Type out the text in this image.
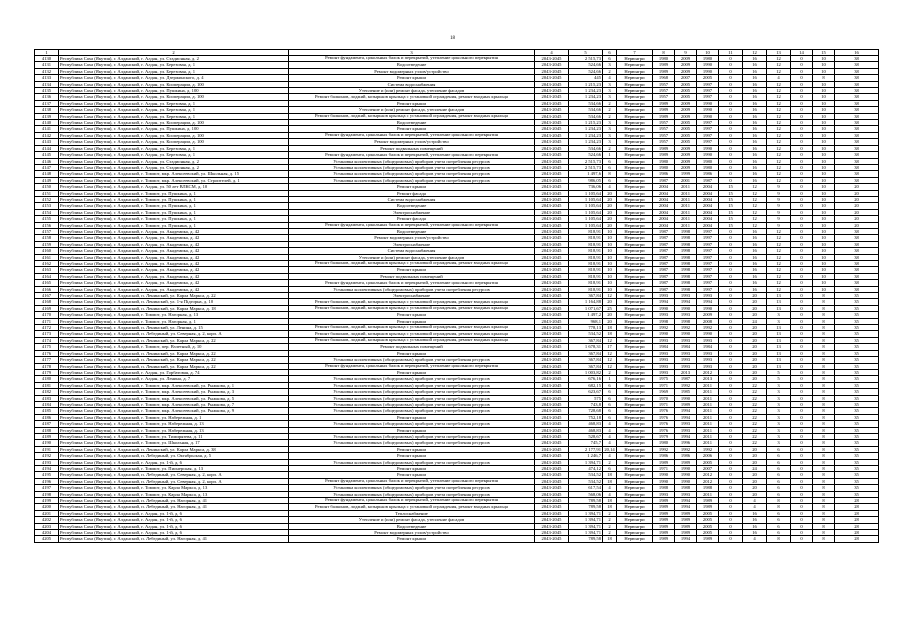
18
1	2	3	4	5	6	7	8	9	10	11	12	13	14	15	16
4130	Республика Саха (Якутия), г. Алданский, г. Алдан, ул. Стадионная, д. 2	Ремонт фундамента, цокольных балок и перекрытий, утепление цокольного перекрытия	2043-2045	2 515,73	6	Нерюнгри	1980	2009	1980	0	16	12	0	10	38
4131	Республика Саха (Якутия), г. Алданский, г. Алдан, ул. Березовая, д. 1	Водоотведение	2043-2045	524,66	3	Нерюнгри	1989	2009	1990	0	16	12	0	10	38
4132	Республика Саха (Якутия), г. Алданский, г. Алдан, ул. Березовая, д. 1	Ремонт водомерных узлов/устройство	2043-2045	524,66	2	Нерюнгри	1989	2009	1990	0	16	12	0	10	38
4133	Республика Саха (Якутия), г. Алданский, г. Алдан, ул. Дзержинского, д. 4	Ремонт крыши	2043-2045	445	4	Нерюнгри	1968	2007	2005	0	16	4	0	8	38
4134	Республика Саха (Якутия), г. Алданский, г. Алдан, ул. Кооперации, д. 100	Система водоснабжения	2043-2045	1 215,23	3	Нерюнгри	1957	2005	1997	0	16	12	0	10	38
4135	Республика Саха (Якутия), г. Алданский, г. Алдан, ул. Пушкина, д. 100	Утепление и (или) ремонт фасада, утепление фасадов	2043-2045	1 234,23	3	Нерюнгри	1957	2005	1997	0	16	12	0	10	38
4136	Республика Саха (Якутия), г. Алданский, г. Алдан, ул. Кооперации, д. 100	Ремонт балконов, лоджий, козырьков крыльца с установкой ограждения, ремонт входных крыльца	2043-2045	1 234,23	3	Нерюнгри	1957	2005	1997	0	16	12	0	10	38
4137	Республика Саха (Якутия), г. Алданский, г. Алдан, ул. Березовая, д. 1	Ремонт крыши	2043-2045	534,66	2	Нерюнгри	1989	2009	1990	0	16	12	0	10	38
4138	Республика Саха (Якутия), г. Алданский, г. Алдан, ул. Березовая, д. 1	Утепление и (или) ремонт фасада, утепление фасадов	2043-2045	534,66	2	Нерюнгри	1989	2009	1990	0	16	12	0	10	38
4139	Республика Саха (Якутия), г. Алданский, г. Алдан, ул. Березовая, д. 1	Ремонт балконов, лоджий, козырьков крыльца с установкой ограждения, ремонт входных крыльца	2043-2045	534,66	2	Нерюнгри	1989	2009	1990	0	16	12	0	10	38
4140	Республика Саха (Якутия), г. Алданский, г. Алдан, ул. Кооперации, д. 100	Водоотведение	2043-2045	1 215,23	3	Нерюнгри	1957	2005	1997	0	16	12	0	10	38
4141	Республика Саха (Якутия), г. Алданский, г. Алдан, ул. Пушкина, д. 100	Ремонт крыши	2043-2045	1 234,23	3	Нерюнгри	1957	2005	1997	0	16	12	0	10	38
4142	Республика Саха (Якутия), г. Алданский, г. Алдан, ул. Кооперации, д. 100	Ремонт фундамента, цокольных балок и перекрытий, утепление цокольного перекрытия	2043-2045	1 234,23	3	Нерюнгри	1957	2005	1997	0	16	12	0	10	38
4143	Республика Саха (Якутия), г. Алданский, г. Алдан, ул. Кооперации, д. 100	Ремонт водомерных узлов/устройство	2043-2045	1 234,23	3	Нерюнгри	1957	2005	1997	0	16	12	0	10	38
4144	Республика Саха (Якутия), г. Алданский, г. Алдан, ул. Березовая, д. 1	Ремонт подвальных помещений	2043-2045	534,66	2	Нерюнгри	1989	2009	1990	0	16	12	0	10	38
4145	Республика Саха (Якутия), г. Алданский, г. Алдан, ул. Березовая, д. 1	Ремонт фундамента, цокольных балок и перекрытий, утепление цокольного перекрытия	2043-2045	524,66	1	Нерюнгри	1989	2009	1990	0	16	12	0	10	38
4146	Республика Саха (Якутия), г. Алданский, г. Алдан, ул. Стадионная, д. 2	Установка коллективных (общедомовых) приборов учета потребления ресурсов	2043-2045	2 515,73	6	Нерюнгри	1980	2009	1980	0	16	12	0	10	38
4147	Республика Саха (Якутия), г. Алданский, г. Алдан, ул. Стадионная, д. 2	Установка коллективных (общедомовых) приборов учета потребления ресурсов	2043-2045	2 515,73	6	Нерюнгри	1980	2009	1980	0	16	12	0	10	38
4148	Республика Саха (Якутия), г. Алданский, г. Томмот, мкр. Алексеевский, ул. Школьная, д. 15	Установка коллективных (общедомовых) приборов учета потребления ресурсов	2043-2045	1 497,6	8	Нерюнгри	1986	1999	1986	0	16	12	0	10	38
4149	Республика Саха (Якутия), г. Алданский, г. Томмот, мкр. Алексеевский, ул. Строителей, д. 1	Установка коллективных (общедомовых) приборов учета потребления ресурсов	2043-2045	986,05	6	Нерюнгри	1987	2001	1987	0	16	12	0	10	38
4150	Республика Саха (Якутия), г. Алданский, г. Алдан, ул. 50 лет ВЛКСМ, д. 10	Ремонт крыши	2043-2045	736,06	4	Нерюнгри	2004	2011	2004	15	12	9	0	10	20
4151	Республика Саха (Якутия), г. Алданский, г. Томмот, ул. Пушкина, д. 1	Ремонт фасада	2043-2045	1 105,64	20	Нерюнгри	2004	2011	2004	15	12	9	0	10	20
4152	Республика Саха (Якутия), г. Алданский, г. Томмот, ул. Пушкина, д. 1	Система водоснабжения	2043-2045	1 105,64	20	Нерюнгри	2004	2011	2004	15	12	9	0	10	20
4153	Республика Саха (Якутия), г. Алданский, г. Томмот, ул. Пушкина, д. 1	Водоотведение	2043-2045	1 105,64	20	Нерюнгри	2004	2011	2004	15	12	9	0	10	20
4154	Республика Саха (Якутия), г. Алданский, г. Томмот, ул. Пушкина, д. 1	Электроснабжение	2043-2045	1 105,64	20	Нерюнгри	2004	2011	2004	15	12	9	0	10	20
4155	Республика Саха (Якутия), г. Алданский, г. Томмот, ул. Пушкина, д. 1	Ремонт фасада	2043-2045	1 105,64	20	Нерюнгри	2004	2011	2004	15	12	9	0	10	20
4156	Республика Саха (Якутия), г. Алданский, г. Томмот, ул. Пушкина, д. 1	Ремонт фундамента, цокольных балок и перекрытий, утепление цокольного перекрытия	2043-2045	1 105,64	20	Нерюнгри	2004	2011	2004	15	12	9	0	10	20
4157	Республика Саха (Якутия), г. Алданский, г. Алдан, ул. Академика, д. 42	Водоотведение	2043-2045	818,91	10	Нерюнгри	1987	1998	1997	0	16	12	0	10	38
4158	Республика Саха (Якутия), г. Алданский, г. Алдан, ул. Академика, д. 42	Ремонт водомерных узлов/устройство	2043-2045	818,91	10	Нерюнгри	1987	1998	1997	0	16	12	0	10	38
4159	Республика Саха (Якутия), г. Алданский, г. Алдан, ул. Академика, д. 42	Электроснабжение	2043-2045	818,91	10	Нерюнгри	1987	1998	1997	0	16	12	0	10	38
4160	Республика Саха (Якутия), г. Алданский, г. Алдан, ул. Академика, д. 42	Система водоснабжения	2043-2045	818,91	10	Нерюнгри	1987	1998	1997	0	16	12	0	10	38
4161	Республика Саха (Якутия), г. Алданский, г. Алдан, ул. Академика, д. 42	Утепление и (или) ремонт фасада, утепление фасадов	2043-2045	818,91	10	Нерюнгри	1987	1998	1997	0	16	12	0	10	38
4162	Республика Саха (Якутия), г. Алданский, г. Алдан, ул. Академика, д. 42	Ремонт балконов, лоджий, козырьков крыльца с установкой ограждения, ремонт входных крыльца	2043-2045	818,91	10	Нерюнгри	1987	1998	1997	0	16	12	0	10	38
4163	Республика Саха (Якутия), г. Алданский, г. Алдан, ул. Академика, д. 42	Ремонт крыши	2043-2045	818,91	10	Нерюнгри	1987	1998	1997	0	16	12	0	10	38
4164	Республика Саха (Якутия), г. Алданский, г. Алдан, ул. Академика, д. 42	Ремонт подвальных помещений	2043-2045	818,91	10	Нерюнгри	1987	1998	1997	0	16	12	0	10	38
4165	Республика Саха (Якутия), г. Алданский, г. Алдан, ул. Академика, д. 42	Ремонт фундамента, цокольных балок и перекрытий, утепление цокольного перекрытия	2043-2045	818,91	10	Нерюнгри	1987	1998	1997	0	16	12	0	10	38
4166	Республика Саха (Якутия), г. Алданский, г. Алдан, ул. Академика, д. 42	Установка коллективных (общедомовых) приборов учета потребления ресурсов	2043-2045	818,91	10	Нерюнгри	1987	1998	1997	0	16	12	0	10	38
4167	Республика Саха (Якутия), г. Алданский, п. Ленинский, ул. Карла Маркса, д. 22	Электроснабжение	2043-2045	367,84	12	Нерюнгри	1993	1993	1993	0	20	13	0	8	35
4168	Республика Саха (Якутия), г. Алданский, п. Ленинский, ул. 1-я Підгорна, д. 10	Ремонт балконов, лоджий, козырьков крыльца с установкой ограждения, ремонт входных крыльца	2043-2045	1 164,88	20	Нерюнгри	1994	1994	1994	0	20	13	0	8	35
4169	Республика Саха (Якутия), г. Алданский, п. Ленинский, ул. Карла Маркса, д. 18	Ремонт балконов, лоджий, козырьков крыльца с установкой ограждения, ремонт входных крыльца	2043-2045	1 071,67	25	Нерюнгри	1990	1990	1990	0	20	13	0	8	35
4170	Республика Саха (Якутия), г. Алданский, г. Томмот, ул. Нагорная, д. 13	Ремонт крыши	2043-2045	1 497,2	20	Нерюнгри	1993	1993	2009	0	20	3	0	8	35
4171	Республика Саха (Якутия), г. Алданский, г. Томмот, ул. Нагорная, д. 1	Ремонт крыши	2043-2045	968,1	20	Нерюнгри	1998	1998	2008	0	24	3	0	8	35
4172	Республика Саха (Якутия), г. Алданский, п. Ленинский, ул. Ленина, д. 15	Ремонт балконов, лоджий, козырьков крыльца с установкой ограждения, ремонт входных крыльца	2043-2045	778,13	18	Нерюнгри	1992	1992	1992	0	20	13	0	8	35
4173	Республика Саха (Якутия), г. Алданский, п. Лебединый, ул. Северная, д. 2, корп. А	Ремонт балконов, лоджий, козырьков крыльца с установкой ограждения, ремонт входных крыльца	2043-2045	534,52	18	Нерюнгри	1990	1990	1990	0	20	13	0	8	35
4174	Республика Саха (Якутия), г. Алданский, п. Ленинский, ул. Карла Маркса, д. 22	Ремонт балконов, лоджий, козырьков крыльца с установкой ограждения, ремонт входных крыльца	2043-2045	367,84	12	Нерюнгри	1993	1993	1993	0	20	13	0	8	35
4175	Республика Саха (Якутия), г. Алданский, г. Томмот, пер. Взлетный, д. 10	Ремонт подвальных помещений	2043-2045	1 678,31	17	Нерюнгри	1984	1984	1984	0	20	13	0	8	35
4176	Республика Саха (Якутия), г. Алданский, п. Ленинский, ул. Карла Маркса, д. 22	Ремонт крыши	2043-2045	367,84	12	Нерюнгри	1993	1993	1993	0	20	13	0	8	35
4177	Республика Саха (Якутия), г. Алданский, п. Ленинский, ул. Карла Маркса, д. 22	Установка коллективных (общедомовых) приборов учета потребления ресурсов	2043-2045	367,84	12	Нерюнгри	1993	1993	1993	0	20	13	0	8	35
4178	Республика Саха (Якутия), г. Алданский, п. Ленинский, ул. Карла Маркса, д. 22	Ремонт фундамента, цокольных балок и перекрытий, утепление цокольного перекрытия	2043-2045	367,84	12	Нерюнгри	1993	1993	1993	0	20	13	0	8	35
4179	Республика Саха (Якутия), г. Алданский, г. Алдан, ул. Горбатовая, д. 74	Ремонт крыши	2043-2045	1 003,82	2	Нерюнгри	1993	2013	2012	0	20	5	0	8	35
4180	Республика Саха (Якутия), г. Алданский, г. Алдан, ул. Ленина, д. 7	Установка коллективных (общедомовых) приборов учета потребления ресурсов	2043-2045	676,16	1	Нерюнгри	1975	1987	2013	0	20	5	0	8	35
4181	Республика Саха (Якутия), г. Алданский, г. Томмот, мкр. Алексеевский, ул. Рыжкова, д. 1	Установка коллективных (общедомовых) приборов учета потребления ресурсов	2043-2045	682,15	6	Нерюнгри	1971	1992	2011	0	22	3	0	8	35
4182	Республика Саха (Якутия), г. Алданский, г. Томмот, мкр. Алексеевский, ул. Рыжкова, д. 3	Установка коллективных (общедомовых) приборов учета потребления ресурсов	2043-2045	623,67	6	Нерюнгри	1969	1985	2011	0	22	3	0	8	35
4183	Республика Саха (Якутия), г. Алданский, г. Томмот, мкр. Алексеевский, ул. Рыжкова, д. 5	Установка коллективных (общедомовых) приборов учета потребления ресурсов	2043-2045	575	6	Нерюнгри	1970	1990	2011	0	22	3	0	8	35
4184	Республика Саха (Якутия), г. Алданский, г. Томмот, мкр. Алексеевский, ул. Рыжкова, д. 7	Установка коллективных (общедомовых) приборов учета потребления ресурсов	2043-2045	743,8	6	Нерюнгри	1971	1989	2011	0	22	3	0	8	35
4185	Республика Саха (Якутия), г. Алданский, г. Томмот, мкр. Алексеевский, ул. Рыжкова, д. 9	Установка коллективных (общедомовых) приборов учета потребления ресурсов	2043-2045	728,68	6	Нерюнгри	1976	1994	2011	0	22	3	0	8	35
4186	Республика Саха (Якутия), г. Алданский, г. Томмот, ул. Набережная, д. 1	Ремонт крыши	2043-2045	752,18	6	Нерюнгри	1976	1994	2011	0	22	3	0	8	35
4187	Республика Саха (Якутия), г. Алданский, г. Томмот, ул. Набережная, д. 13	Установка коллективных (общедомовых) приборов учета потребления ресурсов	2043-2045	468,83	4	Нерюнгри	1976	1993	2011	0	22	3	0	8	35
4188	Республика Саха (Якутия), г. Алданский, г. Томмот, ул. Набережная, д. 13	Ремонт крыши	2043-2045	468,83	4	Нерюнгри	1976	1993	2011	0	22	3	0	8	35
4189	Республика Саха (Якутия), г. Алданский, г. Томмот, ул. Тимирязева, д. 11	Установка коллективных (общедомовых) приборов учета потребления ресурсов	2043-2045	528,67	4	Нерюнгри	1979	1994	2011	0	22	3	0	8	35
4190	Республика Саха (Якутия), г. Алданский, г. Томмот, ул. Школьная, д. 17	Установка коллективных (общедомовых) приборов учета потребления ресурсов	2043-2045	745,7	4	Нерюнгри	1980	1996	2011	0	22	3	0	8	35
4191	Республика Саха (Якутия), г. Алданский, п. Ленинский, ул. Карла Маркса, д. 38	Ремонт крыши	2043-2045	2 177,91	20,14	Нерюнгри	1992	1992	1992	0	20	6	0	8	35
4192	Республика Саха (Якутия), г. Алданский, п. Лебединый, ул. Октябрьская, д. 5	Ремонт крыши	2043-2045	1 246,7	4	Нерюнгри	1986	1986	2006	0	20	6	0	8	35
4193	Республика Саха (Якутия), г. Алданский, г. Алдан, ул. 1-й, д. 6	Установка коллективных (общедомовых) приборов учета потребления ресурсов	2043-2045	1 394,71	2	Нерюнгри	1989	1989	2005	0	20	6	0	8	35
4194	Республика Саха (Якутия), г. Алданский, г. Томмот, ул. Пионерская, д. 13	Ремонт крыши	2043-2045	474,12	6	Нерюнгри	1971	1990	2007	0	24	6	0	8	35
4195	Республика Саха (Якутия), г. Алданский, п. Лебединый, ул. Северная, д. 2, корп. А	Ремонт крыши	2043-2045	534,52	18	Нерюнгри	1990	1990	2012	0	20	6	0	8	35
4196	Республика Саха (Якутия), г. Алданский, п. Лебединый, ул. Северная, д. 2, корп. А	Ремонт фундамента, цокольных балок и перекрытий, утепление цокольного перекрытия	2043-2045	534,52	18	Нерюнгри	1990	1990	2012	0	20	6	0	8	35
4197	Республика Саха (Якутия), г. Алданский, г. Томмот, ул. Карла Маркса, д. 13	Установка коллективных (общедомовых) приборов учета потребления ресурсов	2043-2045	617,54	4	Нерюнгри	1988	1988	1988	0	20	6	0	8	35
4198	Республика Саха (Якутия), г. Алданский, г. Томмот, ул. Карла Маркса, д. 13	Установка коллективных (общедомовых) приборов учета потребления ресурсов	2043-2045	568,06	4	Нерюнгри	1993	1993	2011	0	20	6	0	8	35
4199	Республика Саха (Якутия), г. Алданский, п. Лебединый, ул. Нагорная, д. 41	Ремонт фундамента, цокольных балок и перекрытий, утепление цокольного перекрытия	2043-2045	789,58	18	Нерюнгри	1989	1994	1989	0	4	8	0	8	28
4200	Республика Саха (Якутия), г. Алданский, п. Лебединый, ул. Нагорная, д. 41	Ремонт балконов, лоджий, козырьков крыльца с установкой ограждения, ремонт входных крыльца	2043-2045	789,58	18	Нерюнгри	1989	1994	1989	0	4	8	0	8	28
4201	Республика Саха (Якутия), г. Алданский, г. Алдан, ул. 1-й, д. 6	Теплоснабжение	2043-2045	1 394,71	2	Нерюнгри	1989	1989	2005	0	16	6	0	8	28
4202	Республика Саха (Якутия), г. Алданский, г. Алдан, ул. 1-й, д. 6	Утепление и (или) ремонт фасада, утепление фасадов	2043-2045	1 394,71	2	Нерюнгри	1989	1989	2005	0	16	6	0	8	28
4203	Республика Саха (Якутия), г. Алданский, г. Алдан, ул. 1-й, д. 6	Водоотведение	2043-2045	1 394,71	2	Нерюнгри	1989	1989	2005	0	16	6	0	8	28
4204	Республика Саха (Якутия), г. Алданский, г. Алдан, ул. 1-й, д. 6	Ремонт водомерных узлов/устройство	2043-2045	1 394,71	2	Нерюнгри	1989	1989	2005	0	16	6	0	8	28
4205	Республика Саха (Якутия), г. Алданский, п. Лебединый, ул. Нагорная, д. 41	Ремонт крыши	2043-2045	789,58	18	Нерюнгри	1989	1994	1989	0	4	8	0	8	28
